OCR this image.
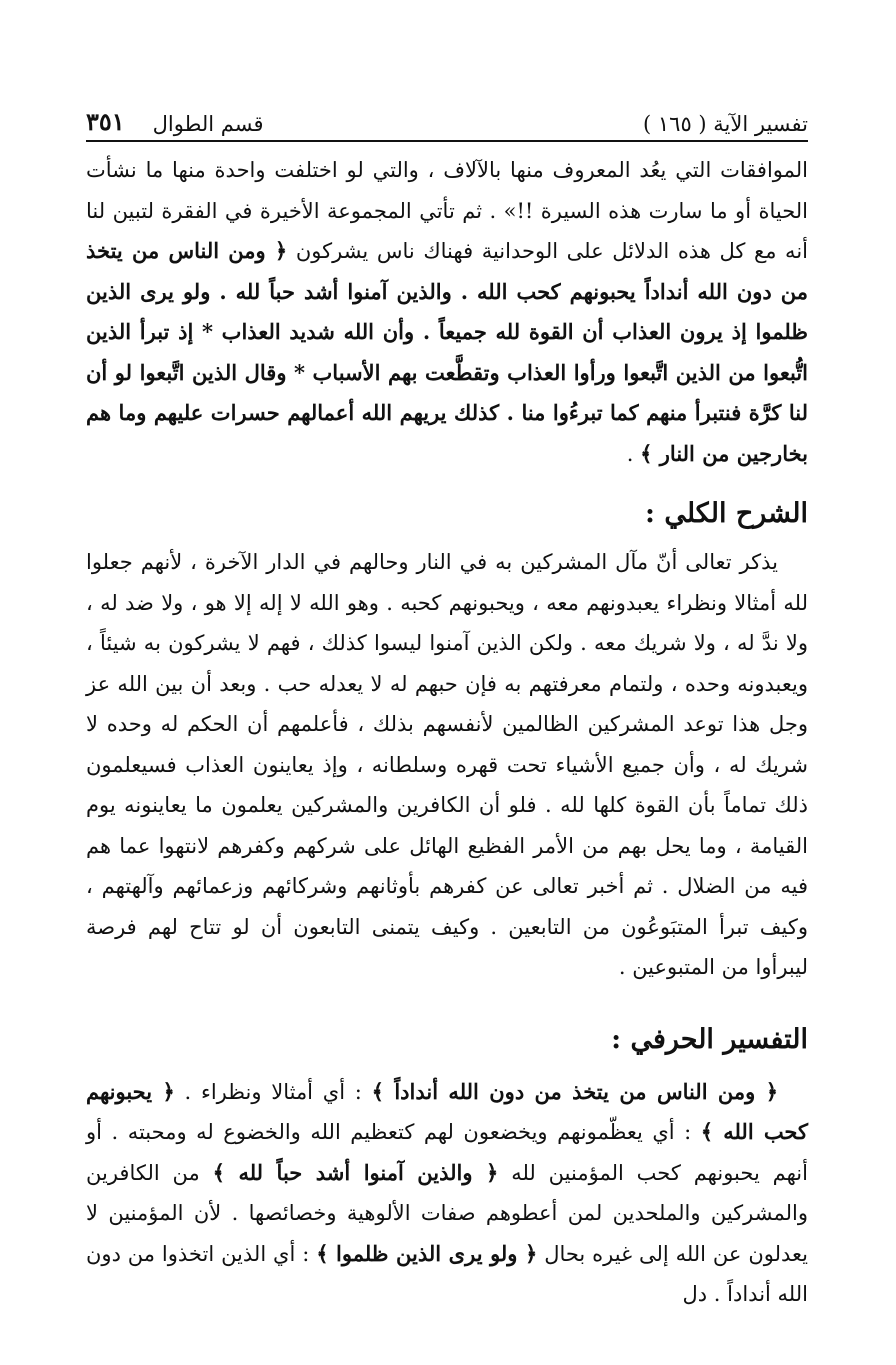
تفسير الآية ( ١٦٥ )
قسم الطوال
٣٥١

الموافقات التي يعُد المعروف منها بالآلاف ، والتي لو اختلفت واحدة منها ما نشأت الحياة أو ما سارت هذه السيرة !!» . ثم تأتي المجموعة الأخيرة في الفقرة لتبين لنا أنه مع كل هذه الدلائل على الوحدانية فهناك ناس يشركون ﴿ ومن الناس من يتخذ من دون الله أنداداً يحبونهم كحب الله . والذين آمنوا أشد حباً لله . ولو يرى الذين ظلموا إذ يرون العذاب أن القوة لله جميعاً . وأن الله شديد العذاب * إذ تبرأ الذين اتُّبعوا من الذين اتَّبعوا ورأوا العذاب وتقطَّعت بهم الأسباب * وقال الذين اتَّبعوا لو أن لنا كرَّة فنتبرأ منهم كما تبرءُوا منا . كذلك يريهم الله أعمالهم حسرات عليهم وما هم بخارجين من النار ﴾ .

الشرح الكلي :

يذكر تعالى أنّ مآل المشركين به في النار وحالهم في الدار الآخرة ، لأنهم جعلوا لله أمثالا ونظراء يعبدونهم معه ، ويحبونهم كحبه . وهو الله لا إله إلا هو ، ولا ضد له ، ولا ندَّ له ، ولا شريك معه . ولكن الذين آمنوا ليسوا كذلك ، فهم لا يشركون به شيئاً ، ويعبدونه وحده ، ولتمام معرفتهم به فإن حبهم له لا يعدله حب . وبعد أن بين الله عز وجل هذا توعد المشركين الظالمين لأنفسهم بذلك ، فأعلمهم أن الحكم له وحده لا شريك له ، وأن جميع الأشياء تحت قهره وسلطانه ، وإذ يعاينون العذاب فسيعلمون ذلك تماماً بأن القوة كلها لله . فلو أن الكافرين والمشركين يعلمون ما يعاينونه يوم القيامة ، وما يحل بهم من الأمر الفظيع الهائل على شركهم وكفرهم لانتهوا عما هم فيه من الضلال . ثم أخبر تعالى عن كفرهم بأوثانهم وشركائهم وزعمائهم وآلهتهم ، وكيف تبرأ المتبَوعُون من التابعين . وكيف يتمنى التابعون أن لو تتاح لهم فرصة ليبرأوا من المتبوعين .

التفسير الحرفي :

﴿ ومن الناس من يتخذ من دون الله أنداداً ﴾ : أي أمثالا ونظراء . ﴿ يحبونهم كحب الله ﴾ : أي يعظّمونهم ويخضعون لهم كتعظيم الله والخضوع له ومحبته . أو أنهم يحبونهم كحب المؤمنين لله ﴿ والذين آمنوا أشد حباً لله ﴾ من الكافرين والمشركين والملحدين لمن أعطوهم صفات الألوهية وخصائصها . لأن المؤمنين لا يعدلون عن الله إلى غيره بحال ﴿ ولو يرى الذين ظلموا ﴾ : أي الذين اتخذوا من دون الله أنداداً . دل
